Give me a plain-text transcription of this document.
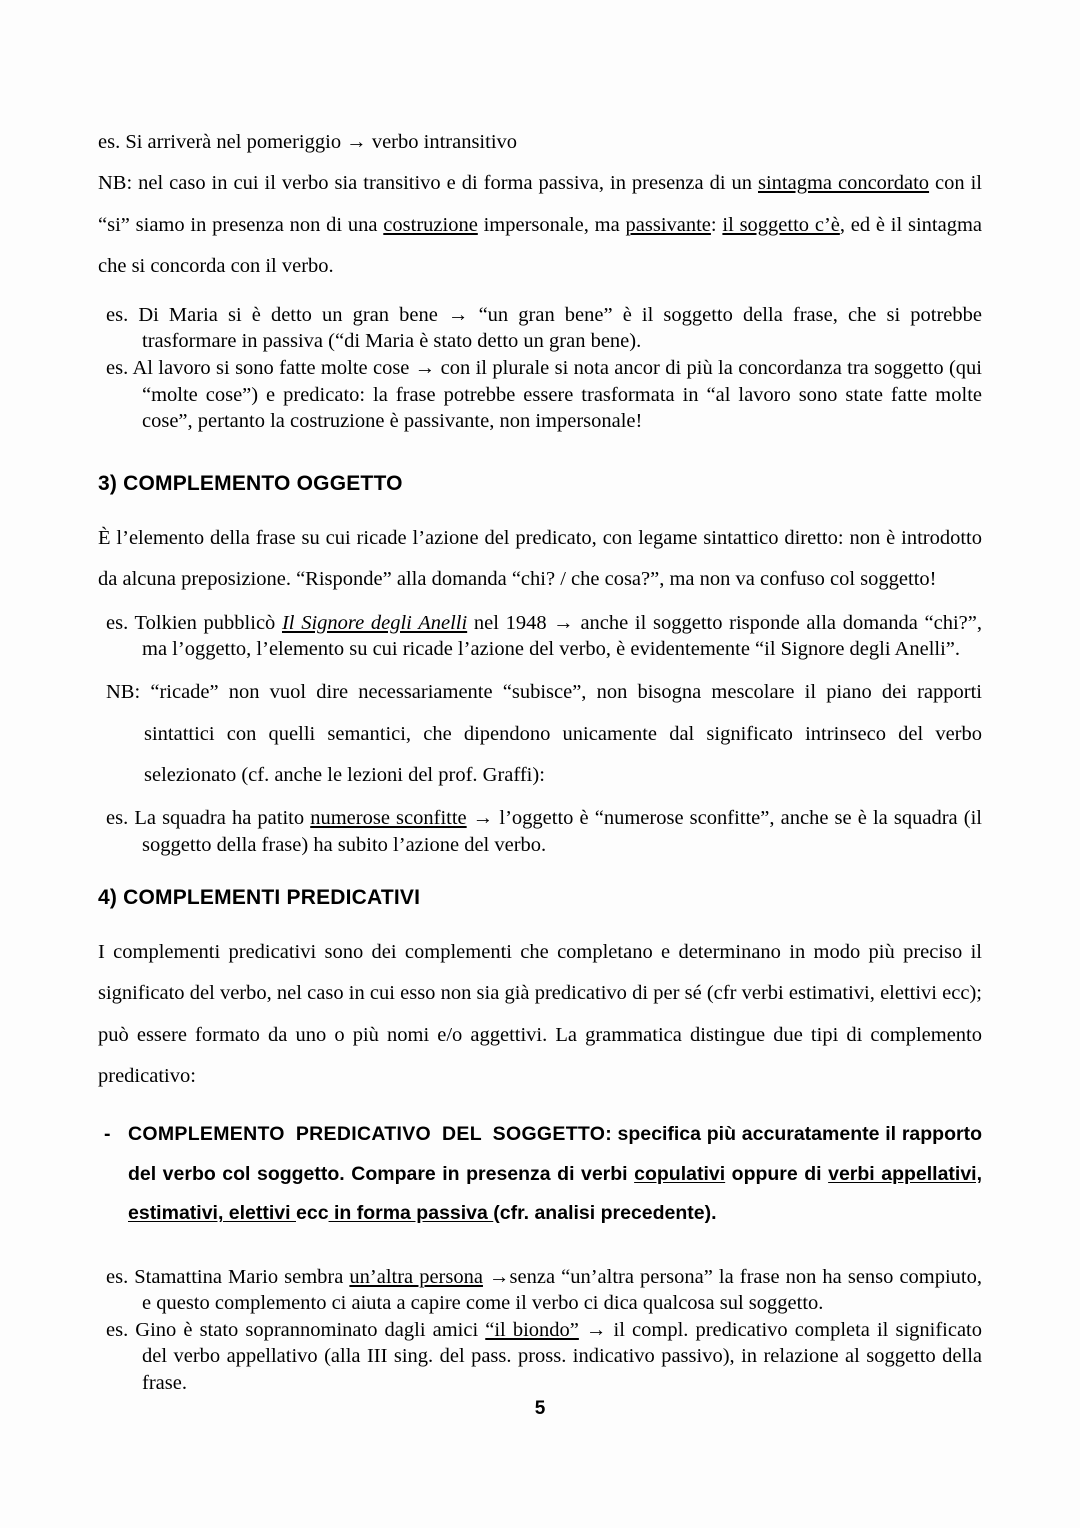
es. Si arriverà nel pomeriggio → verbo intransitivo

NB: nel caso in cui il verbo sia transitivo e di forma passiva, in presenza di un sintagma concordato con il “si” siamo in presenza non di una costruzione impersonale, ma passivante: il soggetto c’è, ed è il sintagma che si concorda con il verbo.

es. Di Maria si è detto un gran bene → “un gran bene” è il soggetto della frase, che si potrebbe trasformare in passiva (“di Maria è stato detto un gran bene).
es. Al lavoro si sono fatte molte cose → con il plurale si nota ancor di più la concordanza tra soggetto (qui “molte cose”) e predicato: la frase potrebbe essere trasformata in “al lavoro sono state fatte molte cose”, pertanto la costruzione è passivante, non impersonale!
3) COMPLEMENTO OGGETTO

È l’elemento della frase su cui ricade l’azione del predicato, con legame sintattico diretto: non è introdotto da alcuna preposizione. “Risponde” alla domanda “chi? / che cosa?”, ma non va confuso col soggetto!

es. Tolkien pubblicò Il Signore degli Anelli nel 1948 → anche il soggetto risponde alla domanda “chi?”, ma l’oggetto, l’elemento su cui ricade l’azione del verbo, è evidentemente “il Signore degli Anelli”.

NB: “ricade” non vuol dire necessariamente “subisce”, non bisogna mescolare il piano dei rapporti sintattici con quelli semantici, che dipendono unicamente dal significato intrinseco del verbo selezionato (cf. anche le lezioni del prof. Graffi):

es. La squadra ha patito numerose sconfitte → l’oggetto è “numerose sconfitte”, anche se è la squadra (il soggetto della frase) ha subito l’azione del verbo.

4) COMPLEMENTI PREDICATIVI

I complementi predicativi sono dei complementi che completano e determinano in modo più preciso il significato del verbo, nel caso in cui esso non sia già predicativo di per sé (cfr verbi estimativi, elettivi ecc); può essere formato da uno o più nomi e/o aggettivi. La grammatica distingue due tipi di complemento predicativo:

- COMPLEMENTO PREDICATIVO DEL SOGGETTO: specifica più accuratamente il rapporto del verbo col soggetto. Compare in presenza di verbi copulativi oppure di verbi appellativi, estimativi, elettivi ecc in forma passiva (cfr. analisi precedente).
es. Stamattina Mario sembra un’altra persona →senza “un’altra persona” la frase non ha senso compiuto, e questo complemento ci aiuta a capire come il verbo ci dica qualcosa sul soggetto.
es. Gino è stato soprannominato dagli amici “il biondo” → il compl. predicativo completa il significato del verbo appellativo (alla III sing. del pass. pross. indicativo passivo), in relazione al soggetto della frase.
5
